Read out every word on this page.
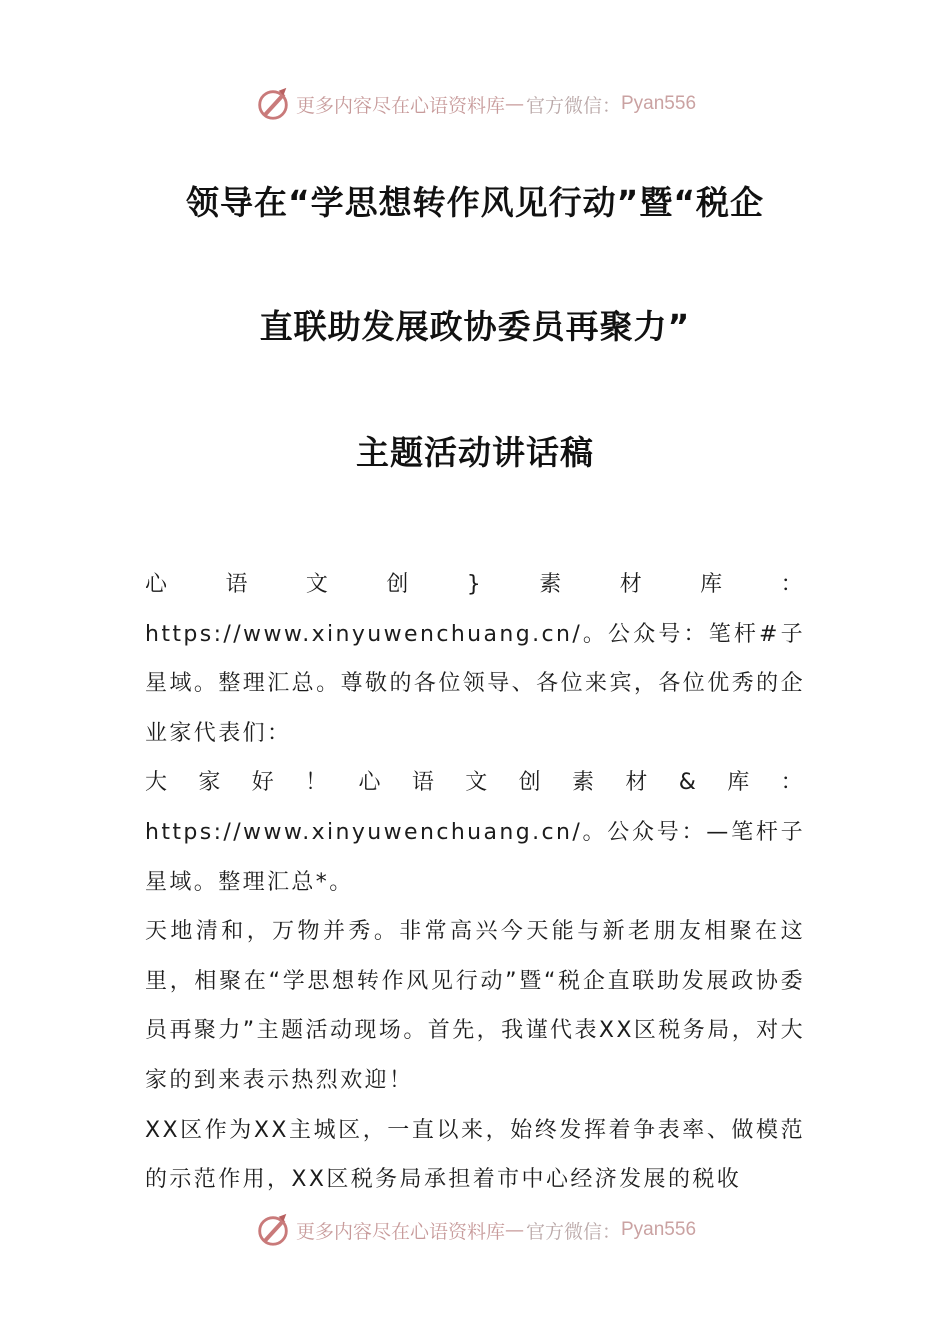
更多内容尽在心语资料库 — 官方微信： Pyan556
领导在“学思想转作风见行动”暨“税企
直联助发展政协委员再聚力”
主题活动讲话稿

心语文创}素材库：https://www.xinyuwenchuang.cn/。公众号：笔杆#子星域。整理汇总。尊敬的各位领导、各位来宾，各位优秀的企业家代表们：

大家好！心语文创素材&库：https://www.xinyuwenchuang.cn/。公众号：—笔杆子星域。整理汇总*。

天地清和，万物并秀。非常高兴今天能与新老朋友相聚在这里，相聚在“学思想转作风见行动”暨“税企直联助发展政协委员再聚力”主题活动现场。首先，我谨代表XX区税务局，对大家的到来表示热烈欢迎！

XX区作为XX主城区，一直以来，始终发挥着争表率、做模范的示范作用，XX区税务局承担着市中心经济发展的税收

更多内容尽在心语资料库 — 官方微信： Pyan556
